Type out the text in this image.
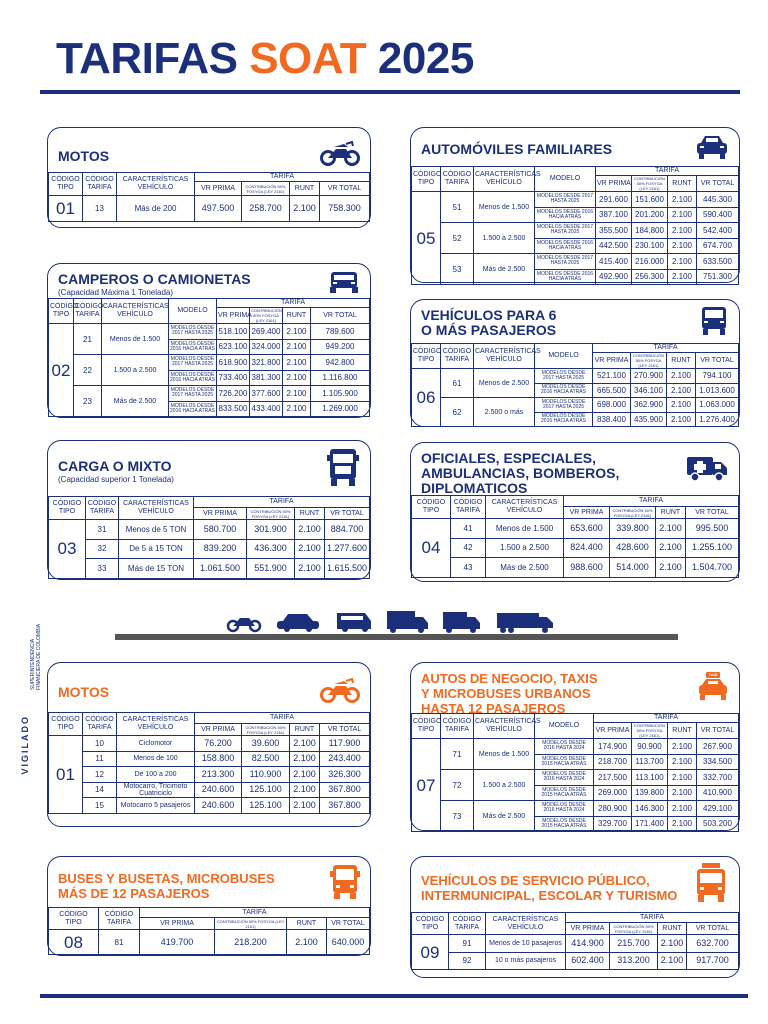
TARIFAS SOAT 2025
MOTOS
CÓDIGO
TIPO	CÓDIGO
TARIFA	CARACTERÍSTICAS
VEHÍCULO	TARIFA			
			VR PRIMA	CONTRIBUCIÓN 50% FOSYGA (LEY 2161)	RUNT	VR TOTAL
01	13	Más de 200	497.500	258.700	2.100	758.300
CAMPEROS O CAMIONETAS
(Capacidad Máxima 1 Tonelada)
CÓDIGO
TIPO	CÓDIGO
TARIFA	CARACTERÍSTICAS
VEHÍCULO	MODELO	TARIFA			
				VR PRIMA	CONTRIBUCIÓN 50% FOSYGA (LEY 2161)	RUNT	VR TOTAL
02	21	Menos de 1.500	MODELOS DESDE 2017 HASTA 2025	518.100	269.400	2.100	789.600
			MODELOS DESDE 2016 HACIA ATRÁS	623.100	324.000	2.100	949.200
	22	1.500 a 2.500	MODELOS DESDE 2017 HASTA 2025	618.900	321.800	2.100	942.800
			MODELOS DESDE 2016 HACIA ATRÁS	733.400	381.300	2.100	1.116.800
	23	Más de 2.500	MODELOS DESDE 2017 HASTA 2025	726.200	377.600	2.100	1.105.900
			MODELOS DESDE 2016 HACIA ATRÁS	833.500	433.400	2.100	1.269.000
CARGA O MIXTO
(Capacidad superior 1 Tonelada)
CÓDIGO
TIPO	CÓDIGO
TARIFA	CARACTERÍSTICAS
VEHÍCULO	TARIFA			
			VR PRIMA	CONTRIBUCIÓN 50% FOSYGA (LEY 2161)	RUNT	VR TOTAL
03	31	Menos de 5 TON	580.700	301.900	2.100	884.700
	32	De 5 a 15 TON	839.200	436.300	2.100	1.277.600
	33	Más de 15 TON	1.061.500	551.900	2.100	1.615.500
AUTOMÓVILES FAMILIARES
CÓDIGO
TIPO	CÓDIGO
TARIFA	CARACTERÍSTICAS
VEHÍCULO	MODELO	TARIFA			
				VR PRIMA	CONTRIBUCIÓN 50% FOSYGA (LEY 2161)	RUNT	VR TOTAL
05	51	Menos de 1.500	MODELOS DESDE 2017 HASTA 2025	291.600	151.600	2.100	445.300
			MODELOS DESDE 2016 HACIA ATRÁS	387.100	201.200	2.100	590.400
	52	1.500 a 2.500	MODELOS DESDE 2017 HASTA 2025	355.500	184.800	2.100	542.400
			MODELOS DESDE 2016 HACIA ATRÁS	442.500	230.100	2.100	674.700
	53	Más de 2.500	MODELOS DESDE 2017 HASTA 2025	415.400	216.000	2.100	633.500
			MODELOS DESDE 2016 HACIA ATRÁS	492.900	256.300	2.100	751.300
VEHÍCULOS PARA 6
O MÁS PASAJEROS
CÓDIGO
TIPO	CÓDIGO
TARIFA	CARACTERÍSTICAS
VEHÍCULO	MODELO	TARIFA			
				VR PRIMA	CONTRIBUCIÓN 50% FOSYGA (LEY 2161)	RUNT	VR TOTAL
06	61	Menos de 2.500	MODELOS DESDE 2017 HASTA 2025	521.100	270.900	2.100	794.100
			MODELOS DESDE 2016 HACIA ATRÁS	665.500	346.100	2.100	1.013.600
	62	2.500 o más	MODELOS DESDE 2017 HASTA 2025	698.000	362.900	2.100	1.063.000
			MODELOS DESDE 2016 HACIA ATRÁS	838.400	435.900	2.100	1.276.400
OFICIALES, ESPECIALES,
AMBULANCIAS, BOMBEROS,
DIPLOMATICOS
CÓDIGO
TIPO	CÓDIGO
TARIFA	CARACTERÍSTICAS
VEHÍCULO	TARIFA			
			VR PRIMA	CONTRIBUCIÓN 50% FOSYGA (LEY 2161)	RUNT	VR TOTAL
04	41	Menos de 1.500	653.600	339.800	2.100	995.500
	42	1.500 a 2.500	824.400	428.600	2.100	1.255.100
	43	Más de 2.500	988.600	514.000	2.100	1.504.700
VIGILADO
SUPERINTENDENCIA FINANCIERA DE COLOMBIA
MOTOS
CÓDIGO
TIPO	CÓDIGO
TARIFA	CARACTERÍSTICAS
VEHÍCULO	TARIFA			
			VR PRIMA	CONTRIBUCIÓN 50% FOSYGA (LEY 2161)	RUNT	VR TOTAL
01	10	Ciclomotor	76.200	39.600	2.100	117.900
	11	Menos de 100	158.800	82.500	2.100	243.400
	12	De 100 a 200	213.300	110.900	2.100	326.300
	14	Motocarro, Tricimoto Cuatriciclo	240.600	125.100	2.100	367.800
	15	Motocarro 5 pasajeros	240.600	125.100	2.100	367.800
AUTOS DE NEGOCIO, TAXIS
Y MICROBUSES URBANOS
HASTA 12 PASAJEROS
TAXI
CÓDIGO
TIPO	CÓDIGO
TARIFA	CARACTERÍSTICAS
VEHÍCULO	MODELO	TARIFA			
				VR PRIMA	CONTRIBUCIÓN 50% FOSYGA (LEY 2161)	RUNT	VR TOTAL
07	71	Menos de 1.500	MODELOS DESDE 2016 HASTA 2024	174.900	90.900	2.100	267.900
			MODELOS DESDE 2015 HACIA ATRÁS	218.700	113.700	2.100	334.500
	72	1.500 a 2.500	MODELOS DESDE 2016 HASTA 2024	217.500	113.100	2.100	332.700
			MODELOS DESDE 2015 HACIA ATRÁS	269.000	139.800	2.100	410.900
	73	Más de 2.500	MODELOS DESDE 2016 HASTA 2024	280.900	146.300	2.100	429.100
			MODELOS DESDE 2015 HACIA ATRÁS	329.700	171.400	2.100	503.200
BUSES Y BUSETAS, MICROBUSES
MÁS DE 12 PASAJEROS
CÓDIGO
TIPO	CÓDIGO
TARIFA	TARIFA			
		VR PRIMA	CONTRIBUCIÓN 50% FOSYGA (LEY 2161)	RUNT	VR TOTAL
08	81	419.700	218.200	2.100	640.000
VEHÍCULOS DE SERVICIO PÚBLICO,
INTERMUNICIPAL, ESCOLAR Y TURISMO
CÓDIGO
TIPO	CÓDIGO
TARIFA	CARACTERÍSTICAS
VEHÍCULO	TARIFA			
			VR PRIMA	CONTRIBUCIÓN 50% FOSYGA (LEY 2161)	RUNT	VR TOTAL
09	91	Menos de 10 pasajeros	414.900	215.700	2.100	632.700
	92	10 o más pasajeros	602.400	313.200	2.100	917.700
